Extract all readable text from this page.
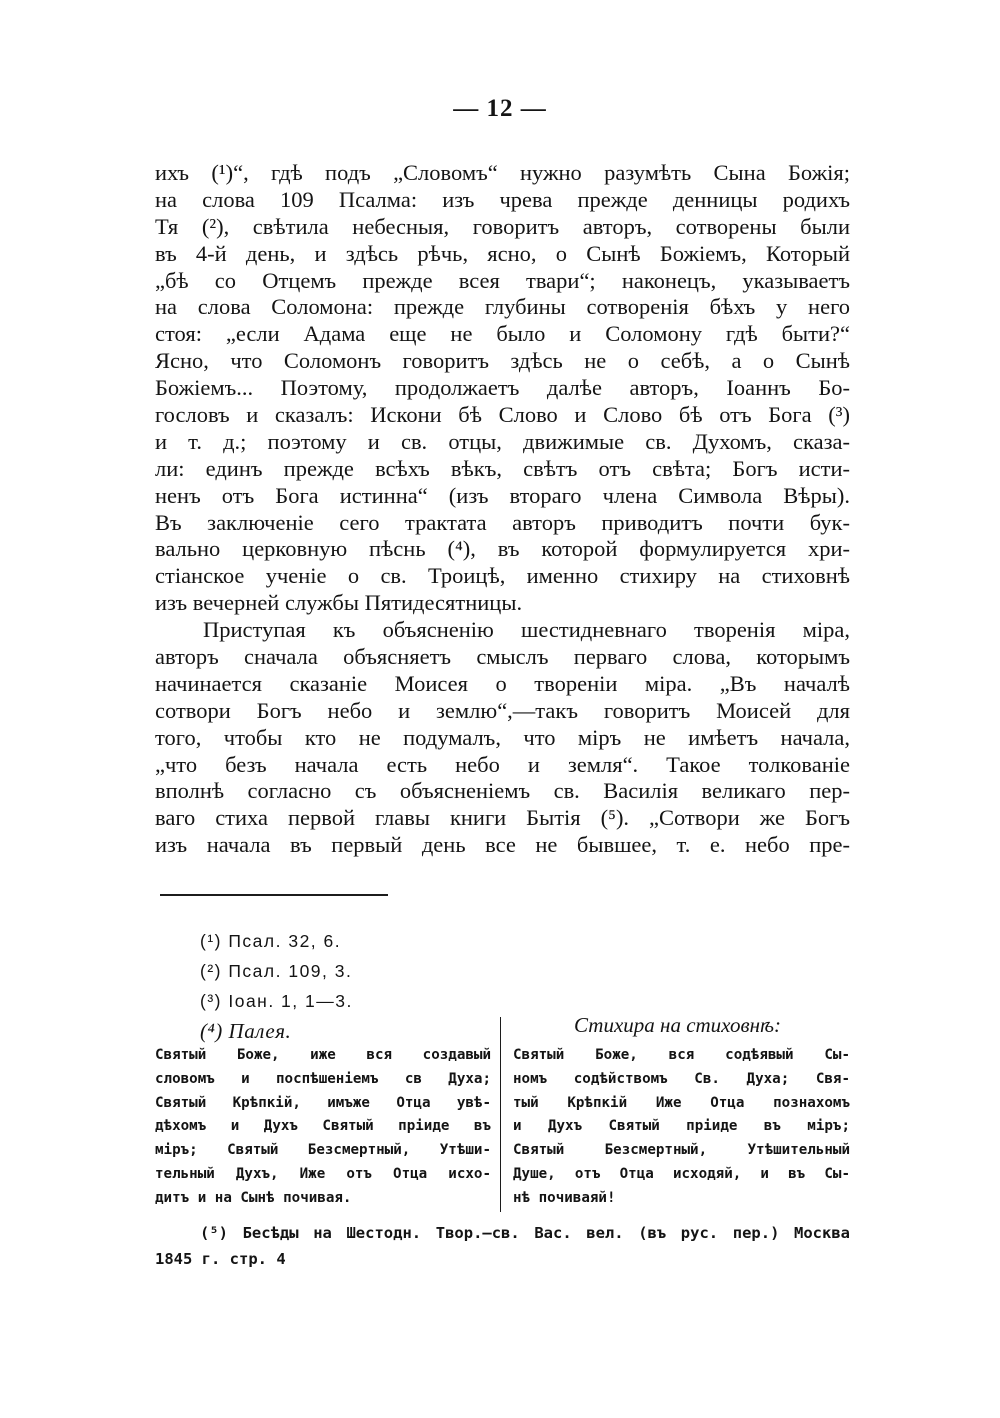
— 12 —
ихъ (¹)“, гдѣ подъ „Словомъ“ нужно разумѣть Сына Божія;
на слова 109 Псалма: изъ чрева прежде денницы родихъ
Тя (²), свѣтила небесныя, говоритъ авторъ, сотворены были
въ 4-й день, и здѣсь рѣчь, ясно, о Сынѣ Божіемъ, Который
„бѣ со Отцемъ прежде всея твари“; наконецъ, указываетъ
на слова Соломона: прежде глубины сотворенія бѣхъ у него
стоя: „если Адама еще не было и Соломону гдѣ быти?“
Ясно, что Соломонъ говоритъ здѣсь не о себѣ, а о Сынѣ
Божіемъ... Поэтому, продолжаетъ далѣе авторъ, Іоаннъ Бо-
гословъ и сказалъ: Искони бѣ Слово и Слово бѣ отъ Бога (³)
и т. д.; поэтому и св. отцы, движимые св. Духомъ, сказа-
ли: единъ прежде всѣхъ вѣкъ, свѣтъ отъ свѣта; Богъ исти-
ненъ отъ Бога истинна“ (изъ втораго члена Символа Вѣры).
Въ заключеніе сего трактата авторъ приводитъ почти бук-
вально церковную пѣснь (⁴), въ которой формулируется хри-
стіанское ученіе о св. Троицѣ, именно стихиру на стиховнѣ
изъ вечерней службы Пятидесятницы.
Приступая къ объясненію шестидневнаго творенія міра,
авторъ сначала объясняетъ смыслъ перваго слова, которымъ
начинается сказаніе Моисея о твореніи міра. „Въ началѣ
сотвори Богъ небо и землю“,—такъ говоритъ Моисей для
того, чтобы кто не подумалъ, что міръ не имѣетъ начала,
„что безъ начала есть небо и земля“. Такое толкованіе
вполнѣ согласно съ объясненіемъ св. Василія великаго пер-
ваго стиха первой главы книги Бытія (⁵). „Сотвори же Богъ
изъ начала въ первый день все не бывшее, т. е. небо пре-
(¹) Псал. 32, 6.
(²) Псал. 109, 3.
(³) Іоан. 1, 1—3.
(⁴) Палея.	Стихира на стиховнѣ:
Святый Боже, иже вся создавый
словомъ и поспѣшеніемъ св Духа;
Святый Крѣпкій, имъже Отца увѣ-
дѣхомъ и Духъ Святый пріиде въ
міръ; Святый Безсмертный, Утѣши-
тельный Духъ, Иже отъ Отца исхо-
дитъ и на Сынѣ почивая.
Святый Боже, вся содѣявый Сы-
номъ содѣйствомъ Св. Духа; Свя-
тый Крѣпкій Иже Отца познахомъ
и Духъ Святый пріиде въ міръ;
Святый Безсмертный, Утѣшительный
Душе, отъ Отца исходяй, и въ Сы-
нѣ почиваяй!
(⁵) Бесѣды на Шестодн. Твор.—св. Вас. вел. (въ рус. пер.) Москва
1845 г. стр. 4
